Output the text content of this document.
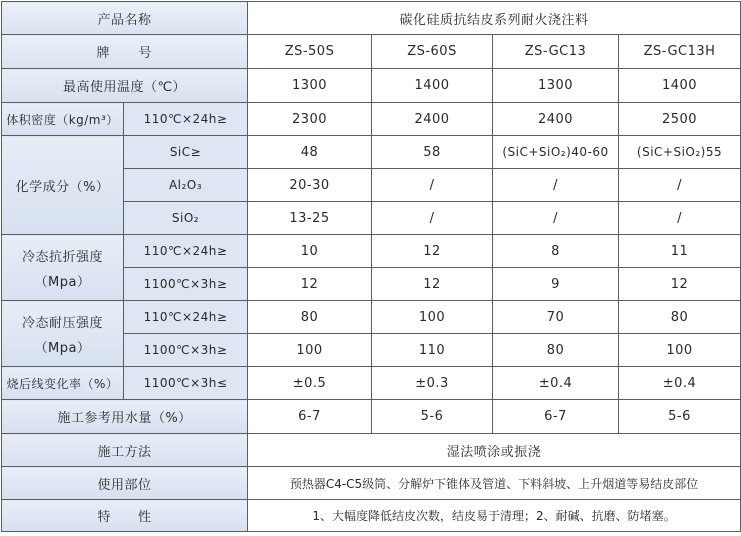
产品名称		碳化硅质抗结皮系列耐火浇注料			
牌　　号		ZS-50S	ZS-60S	ZS-GC13	ZS-GC13H
最高使用温度（℃）		1300	1400	1300	1400
体积密度（kg/m³）	110℃×24h≥	2300	2400	2400	2500
化学成分（%）	SiC≥	48	58	(SiC+SiO₂)40-60	(SiC+SiO₂)55
	Al₂O₃	20-30	/	/	/
	SiO₂	13-25	/	/	/

冷态抗折强度
（Mpa）	110℃×24h≥	10	12	8	11
	1100℃×3h≥	12	12	9	12

冷态耐压强度
（Mpa）	110℃×24h≥	80	100	70	80
	1100℃×3h≥	100	110	80	100
烧后线变化率（%）	1100℃×3h≤	±0.5	±0.3	±0.4	±0.4
施工参考用水量（%）		6-7	5-6	6-7	5-6
施工方法		湿法喷涂或振浇			
使用部位		预热器C4-C5级筒、分解炉下锥体及管道、下料斜坡、上升烟道等易结皮部位			
特　　性		1、大幅度降低结皮次数，结皮易于清理；2、耐碱、抗磨、防堵塞。			
